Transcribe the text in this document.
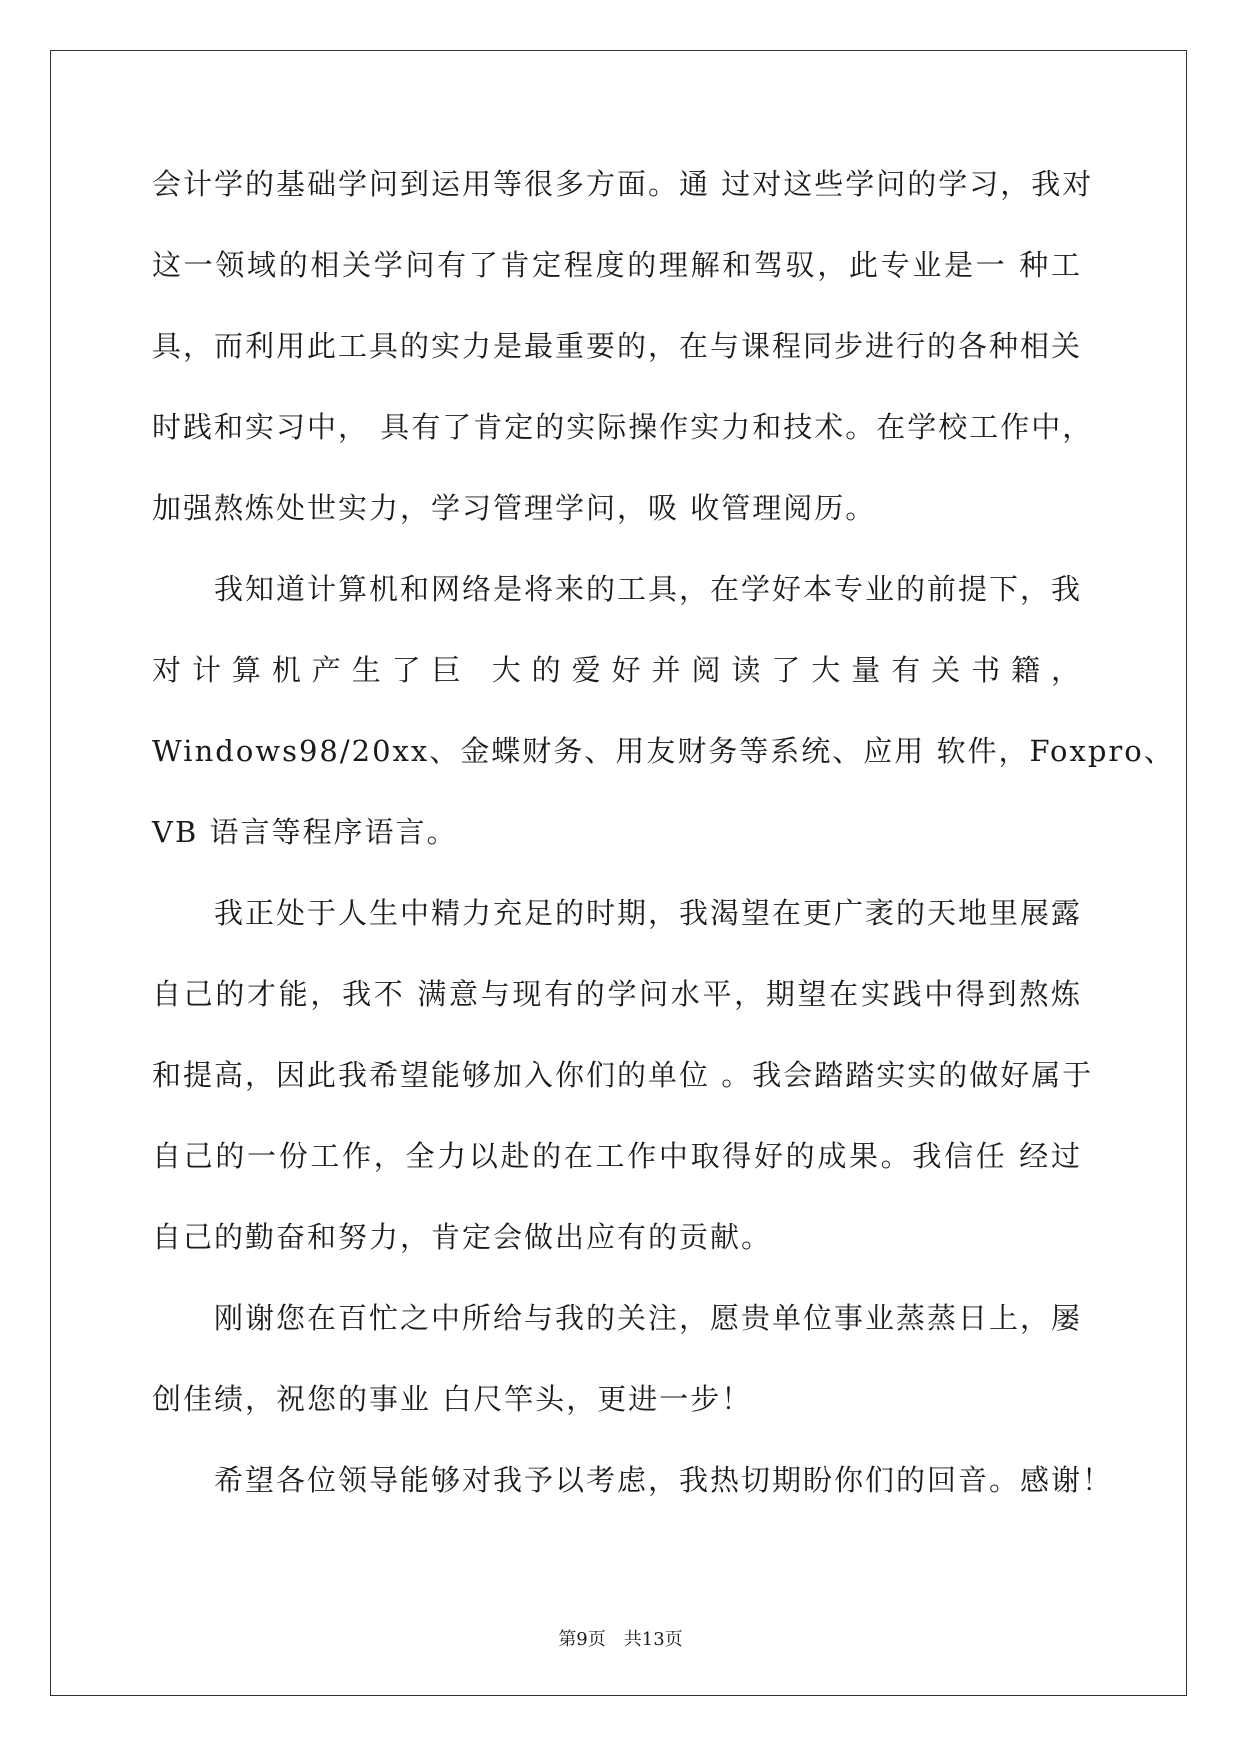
会计学的基础学问到运用等很多方面。通 过对这些学问的学习，我对
这一领域的相关学问有了肯定程度的理解和驾驭，此专业是一 种工
具，而利用此工具的实力是最重要的，在与课程同步进行的各种相关
时践和实习中， 具有了肯定的实际操作实力和技术。在学校工作中，
加强熬炼处世实力，学习管理学问，吸 收管理阅历。
我知道计算机和网络是将来的工具，在学好本专业的前提下，我
对计算机产生了巨 大的爱好并阅读了大量有关书籍，
Windows98/20xx、金蝶财务、用友财务等系统、应用 软件，Foxpro、
VB 语言等程序语言。
我正处于人生中精力充足的时期，我渴望在更广袤的天地里展露
自己的才能，我不 满意与现有的学问水平，期望在实践中得到熬炼
和提高，因此我希望能够加入你们的单位 。我会踏踏实实的做好属于
自己的一份工作，全力以赴的在工作中取得好的成果。我信任 经过
自己的勤奋和努力，肯定会做出应有的贡献。
刚谢您在百忙之中所给与我的关注，愿贵单位事业蒸蒸日上，屡
创佳绩，祝您的事业 白尺竿头，更进一步！
希望各位领导能够对我予以考虑，我热切期盼你们的回音。感谢！
第9页 共13页
